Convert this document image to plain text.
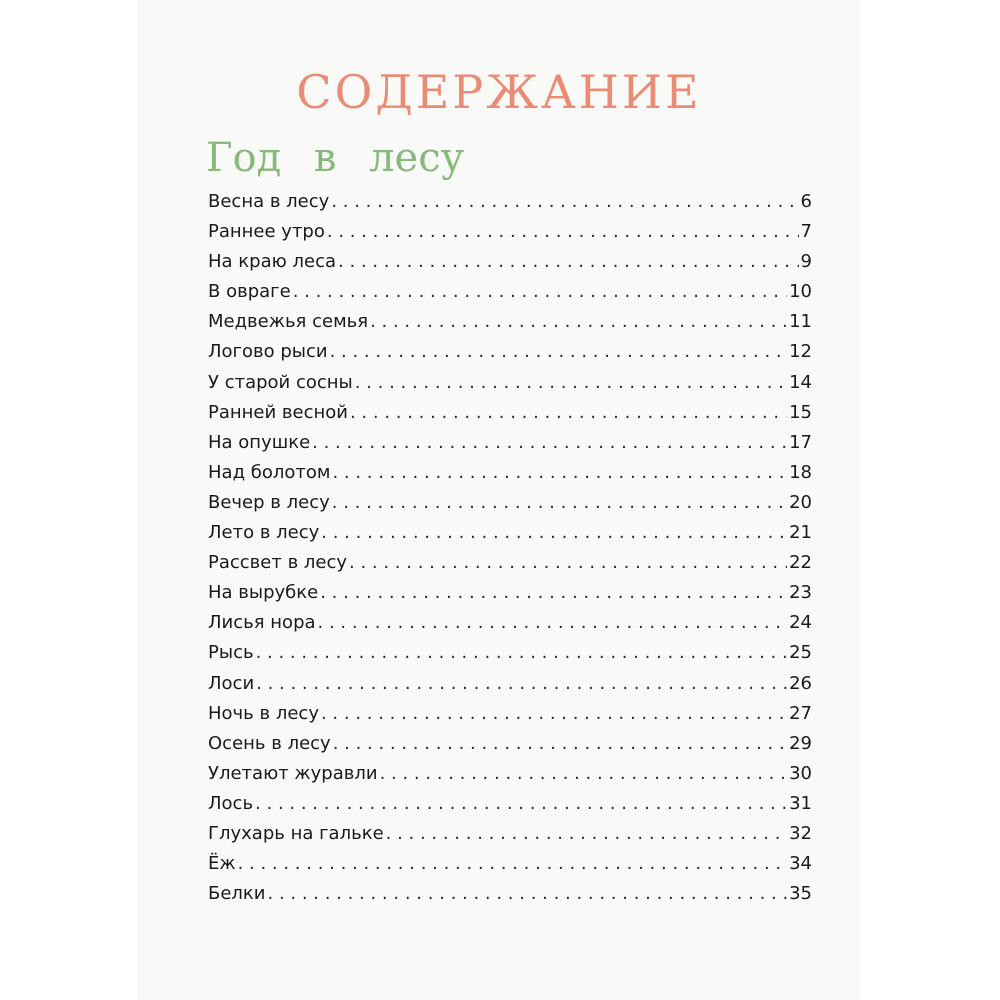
СОДЕРЖАНИЕ
Год в лесу
Весна в лесу . . .	6
Раннее утро . . .	7
На краю леса . . .	9
В овраге . . .	10
Медвежья семья . . .	11
Логово рыси . . .	12
У старой сосны . . .	14
Ранней весной . . .	15
На опушке . . .	17
Над болотом . . .	18
Вечер в лесу . . .	20
Лето в лесу . . .	21
Рассвет в лесу . . .	22
На вырубке . . .	23
Лисья нора . . .	24
Рысь . . .	25
Лоси . . .	26
Ночь в лесу . . .	27
Осень в лесу . . .	29
Улетают журавли . . .	30
Лось . . .	31
Глухарь на гальке . . .	32
Ёж . . .	34
Белки . . .	35
